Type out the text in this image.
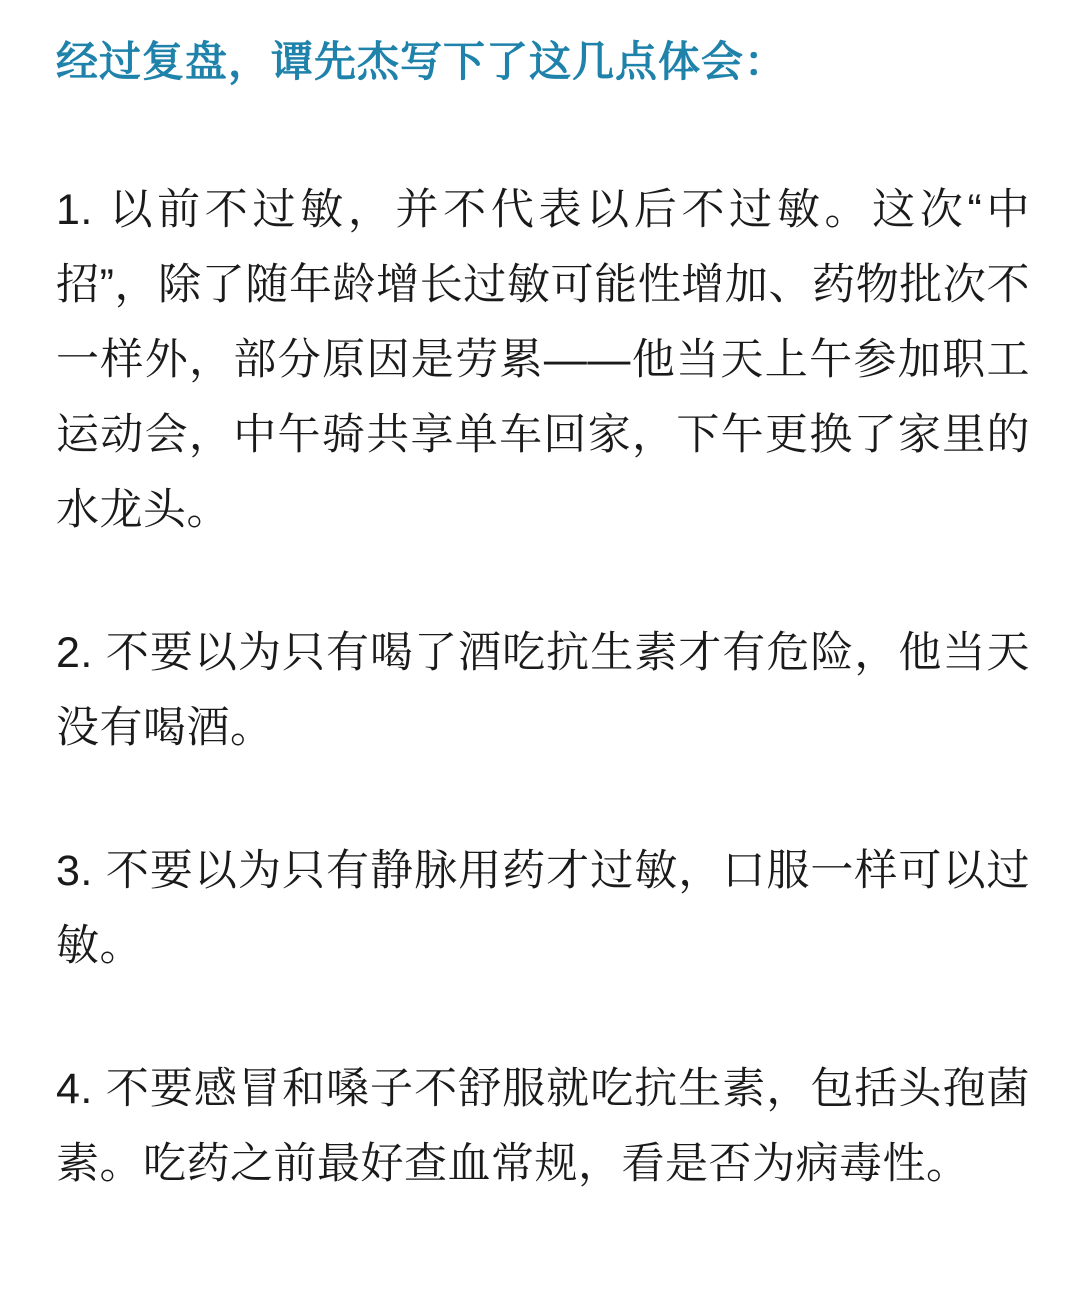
经过复盘，谭先杰写下了这几点体会：

1. 以前不过敏，并不代表以后不过敏。这次“中招”，除了随年龄增长过敏可能性增加、药物批次不一样外，部分原因是劳累——他当天上午参加职工运动会，中午骑共享单车回家，下午更换了家里的水龙头。

2. 不要以为只有喝了酒吃抗生素才有危险，他当天没有喝酒。

3. 不要以为只有静脉用药才过敏，口服一样可以过敏。

4. 不要感冒和嗓子不舒服就吃抗生素，包括头孢菌素。吃药之前最好查血常规，看是否为病毒性。
